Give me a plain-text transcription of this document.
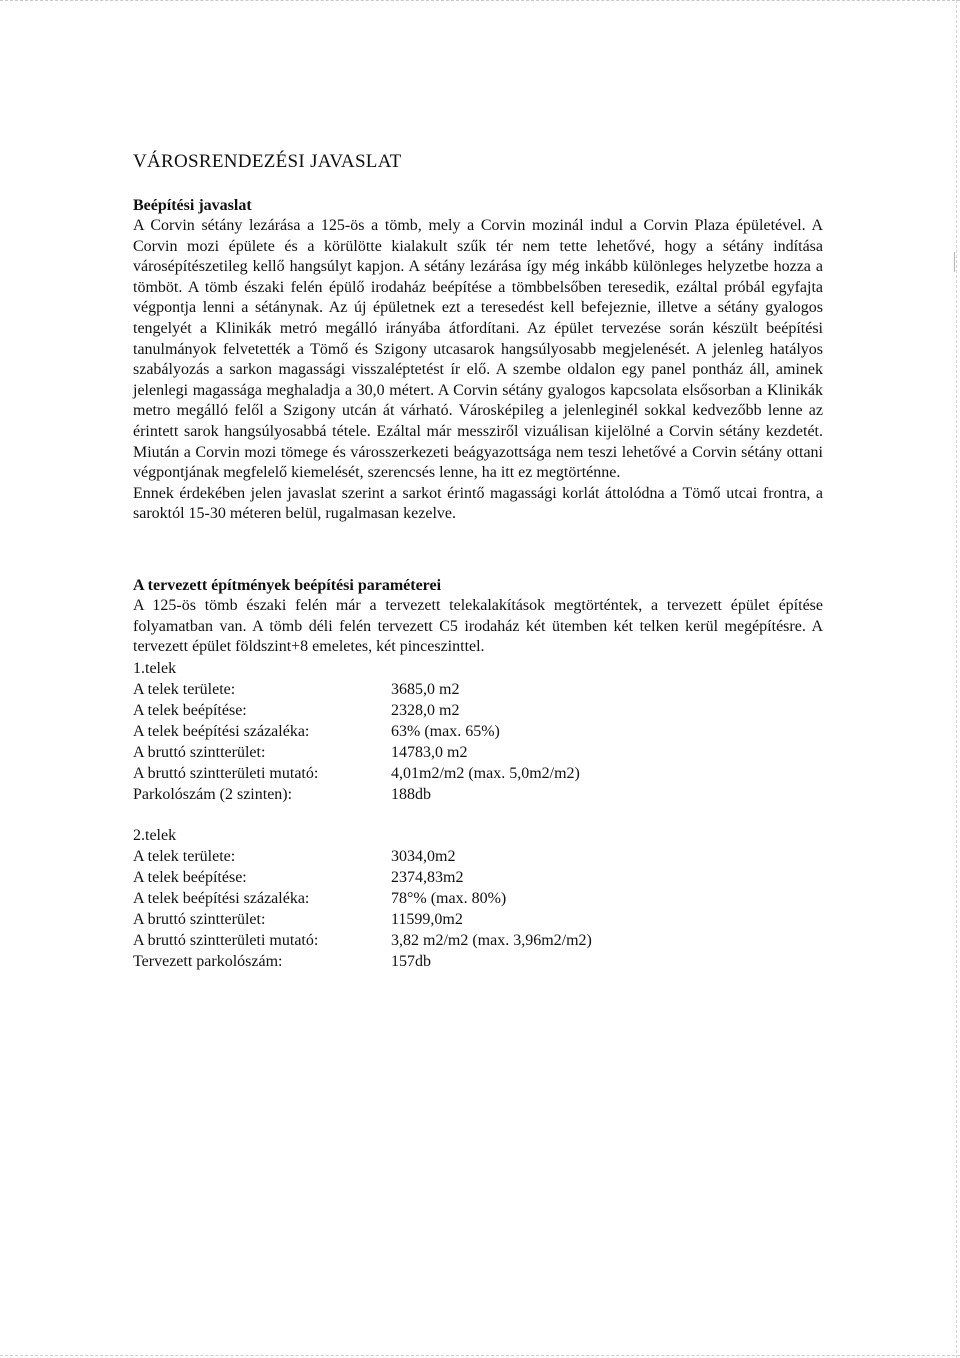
VÁROSRENDEZÉSI JAVASLAT
Beépítési javaslat

A Corvin sétány lezárása a 125-ös a tömb, mely a Corvin mozinál indul a Corvin Plaza épületével. A Corvin mozi épülete és a körülötte kialakult szűk tér nem tette lehetővé, hogy a sétány indítása városépítészetileg kellő hangsúlyt kapjon. A sétány lezárása így még inkább különleges helyzetbe hozza a tömböt. A tömb északi felén épülő irodaház beépítése a tömbbelsőben teresedik, ezáltal próbál egyfajta végpontja lenni a sétánynak. Az új épületnek ezt a teresedést kell befejeznie, illetve a sétány gyalogos tengelyét a Klinikák metró megálló irányába átfordítani. Az épület tervezése során készült beépítési tanulmányok felvetették a Tömő és Szigony utcasarok hangsúlyosabb megjelenését. A jelenleg hatályos szabályozás a sarkon magassági visszaléptetést ír elő. A szembe oldalon egy panel pontház áll, aminek jelenlegi magassága meghaladja a 30,0 métert. A Corvin sétány gyalogos kapcsolata elsősorban a Klinikák metro megálló felől a Szigony utcán át várható. Városképileg a jelenleginél sokkal kedvezőbb lenne az érintett sarok hangsúlyosabbá tétele. Ezáltal már messziről vizuálisan kijelölné a Corvin sétány kezdetét. Miután a Corvin mozi tömege és városszerkezeti beágyazottsága nem teszi lehetővé a Corvin sétány ottani végpontjának megfelelő kiemelését, szerencsés lenne, ha itt ez megtörténne.

Ennek érdekében jelen javaslat szerint a sarkot érintő magassági korlát áttolódna a Tömő utcai frontra, a saroktól 15-30 méteren belül, rugalmasan kezelve.

A tervezett építmények beépítési paraméterei

A 125-ös tömb északi felén már a tervezett telekalakítások megtörténtek, a tervezett épület építése folyamatban van. A tömb déli felén tervezett C5 irodaház két ütemben két telken kerül megépítésre. A tervezett épület földszint+8 emeletes, két pinceszinttel.

1.telek

A telek területe:	3685,0 m2
A telek beépítése:	2328,0 m2
A telek beépítési százaléka:	63% (max. 65%)
A bruttó szintterület:	14783,0 m2
A bruttó szintterületi mutató:	4,01m2/m2 (max. 5,0m2/m2)
Parkolószám (2 szinten):	188db

2.telek

A telek területe:	3034,0m2
A telek beépítése:	2374,83m2
A telek beépítési százaléka:	78°% (max. 80%)
A bruttó szintterület:	11599,0m2
A bruttó szintterületi mutató:	3,82 m2/m2 (max. 3,96m2/m2)
Tervezett parkolószám:	157db
